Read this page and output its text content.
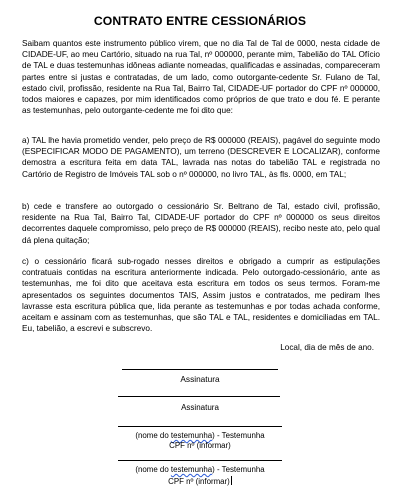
CONTRATO ENTRE CESSIONÁRIOS

Saibam quantos este instrumento público virem, que no dia Tal de Tal de 0000, nesta cidade de CIDADE-UF, ao meu Cartório, situado na rua Tal, nº 000000, perante mim, Tabelião do TAL Ofício de TAL e duas testemunhas idôneas adiante nomeadas, qualificadas e assinadas, compareceram partes entre si justas e contratadas, de um lado, como outorgante-cedente Sr. Fulano de Tal, estado civil, profissão, residente na Rua Tal, Bairro Tal, CIDADE-UF portador do CPF nº 000000, todos maiores e capazes, por mim identificados como próprios de que trato e dou fé. E perante as testemunhas, pelo outorgante-cedente me foi dito que:

a) TAL lhe havia prometido vender, pelo preço de R$ 000000 (REAIS), pagável do seguinte modo (ESPECIFICAR MODO DE PAGAMENTO), um terreno (DESCREVER E LOCALIZAR), conforme demostra a escritura feita em data TAL, lavrada nas notas do tabelião TAL e registrada no Cartório de Registro de Imóveis TAL sob o nº 000000, no livro TAL, às fls. 0000, em TAL;

b) cede e transfere ao outorgado o cessionário Sr. Beltrano de Tal, estado civil, profissão, residente na Rua Tal, Bairro Tal, CIDADE-UF portador do CPF nº 000000 os seus direitos decorrentes daquele compromisso, pelo preço de R$ 000000 (REAIS), recibo neste ato, pelo qual dá plena quitação;

c) o cessionário ficará sub-rogado nesses direitos e obrigado a cumprir as estipulações contratuais contidas na escritura anteriormente indicada. Pelo outorgado-cessionário, ante as testemunhas, me foi dito que aceitava esta escritura em todos os seus termos. Foram-me apresentados os seguintes documentos TAIS, Assim justos e contratados, me pediram lhes lavrasse esta escritura pública que, lida perante as testemunhas e por todas achada conforme, aceitam e assinam com as testemunhas, que são TAL e TAL, residentes e domiciliadas em TAL. Eu, tabelião, a escrevi e subscrevo.

Local, dia de mês de ano.
Assinatura
Assinatura
(nome do testemunha) - Testemunha
CPF nº (informar)
(nome do testemunha) - Testemunha
CPF nº (informar)
